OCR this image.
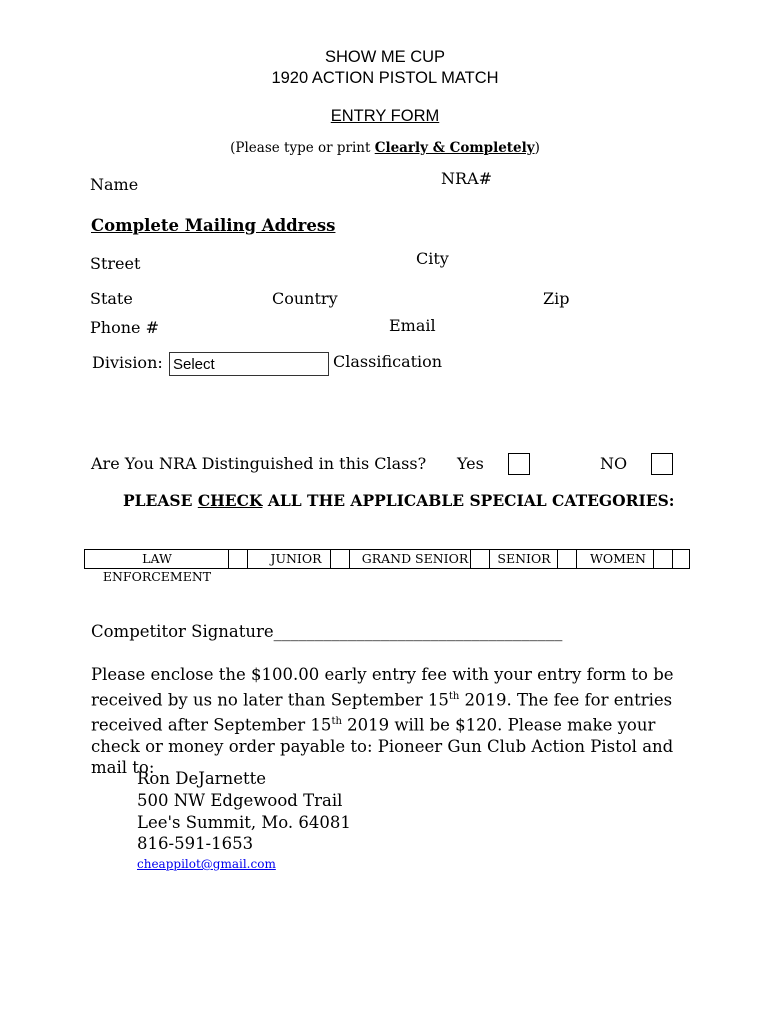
SHOW ME CUP
1920 ACTION PISTOL MATCH
ENTRY FORM
(Please type or print Clearly & Completely)
Name	NRA#
Complete Mailing Address
Street	City
State	Country	Zip
Phone #	Email
Division: Select	Classification
Are You NRA Distinguished in this Class? Yes	NO
PLEASE CHECK ALL THE APPLICABLE SPECIAL CATEGORIES:
LAW ENFORCEMENT
JUNIOR	GRAND SENIOR	SENIOR	WOMEN
Competitor Signature___________________________________
Please enclose the $100.00 early entry fee with your entry form to be
received by us no later than September 15th 2019. The fee for entries
received after September 15th 2019 will be $120. Please make your
check or money order payable to: Pioneer Gun Club Action Pistol and
mail to:
Ron DeJarnette
500 NW Edgewood Trail
Lee's Summit, Mo. 64081
816-591-1653
cheappilot@gmail.com
